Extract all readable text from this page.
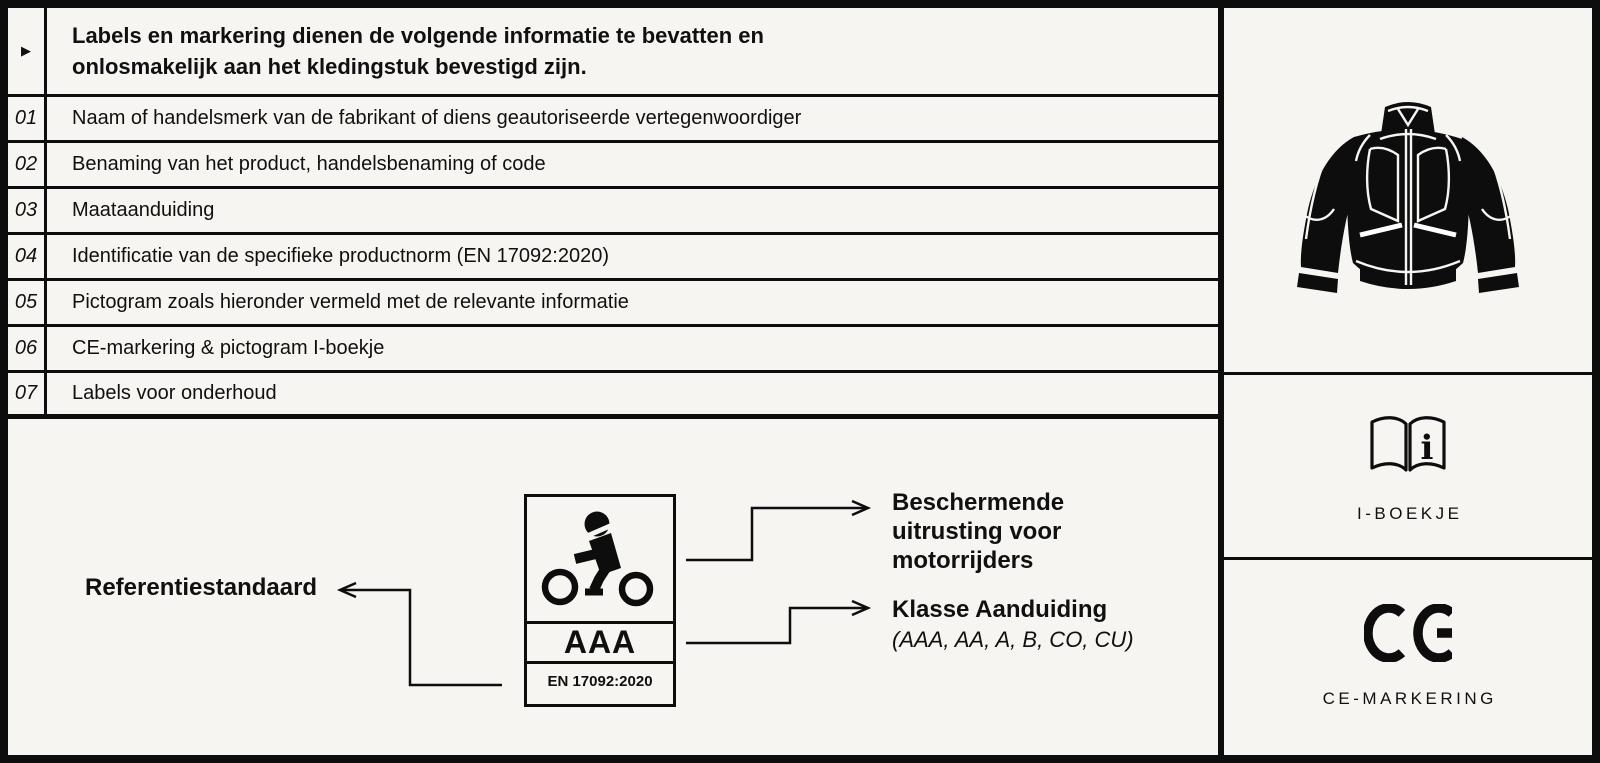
▶
Labels en markering dienen de volgende informatie te bevatten en
onlosmakelijk aan het kledingstuk bevestigd zijn.
01	Naam of handelsmerk van de fabrikant of diens geautoriseerde vertegenwoordiger
02	Benaming van het product, handelsbenaming of code
03	Maataanduiding
04	Identificatie van de specifieke productnorm (EN 17092:2020)
05	Pictogram zoals hieronder vermeld met de relevante informatie
06	CE-markering & pictogram I-boekje
07	Labels voor onderhoud
Referentiestandaard
AAA
EN 17092:2020
Beschermende
uitrusting voor
motorrijders
Klasse Aanduiding
(AAA, AA, A, B, CO, CU)
i
I-BOEKJE
CE-MARKERING
